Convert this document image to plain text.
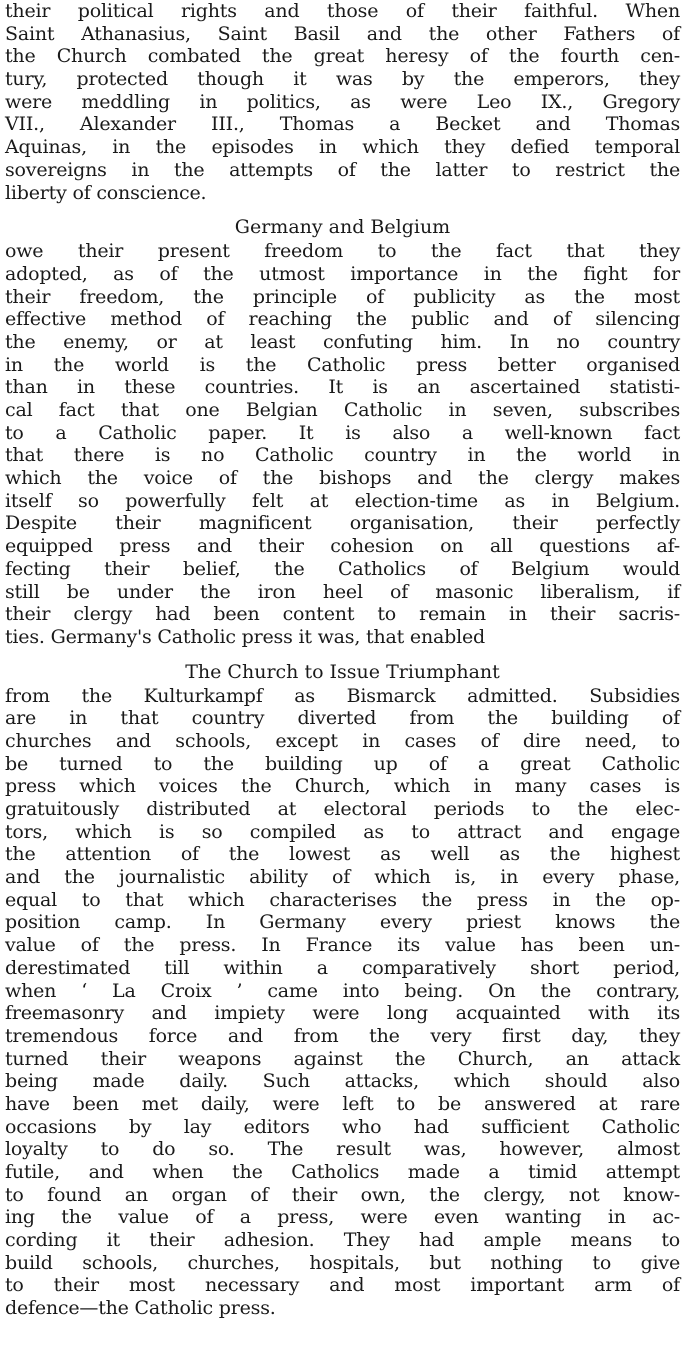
their political rights and those of their faithful. When
Saint Athanasius, Saint Basil and the other Fathers of
the Church combated the great heresy of the fourth cen-
tury, protected though it was by the emperors, they
were meddling in politics, as were Leo IX., Gregory
VII., Alexander III., Thomas a Becket and Thomas
Aquinas, in the episodes in which they defied temporal
sovereigns in the attempts of the latter to restrict the
liberty of conscience.
Germany and Belgium
owe their present freedom to the fact that they
adopted, as of the utmost importance in the fight for
their freedom, the principle of publicity as the most
effective method of reaching the public and of silencing
the enemy, or at least confuting him. In no country
in the world is the Catholic press better organised
than in these countries. It is an ascertained statisti-
cal fact that one Belgian Catholic in seven, subscribes
to a Catholic paper. It is also a well-known fact
that there is no Catholic country in the world in
which the voice of the bishops and the clergy makes
itself so powerfully felt at election-time as in Belgium.
Despite their magnificent organisation, their perfectly
equipped press and their cohesion on all questions af-
fecting their belief, the Catholics of Belgium would
still be under the iron heel of masonic liberalism, if
their clergy had been content to remain in their sacris-
ties. Germany's Catholic press it was, that enabled
The Church to Issue Triumphant
from the Kulturkampf as Bismarck admitted. Subsidies
are in that country diverted from the building of
churches and schools, except in cases of dire need, to
be turned to the building up of a great Catholic
press which voices the Church, which in many cases is
gratuitously distributed at electoral periods to the elec-
tors, which is so compiled as to attract and engage
the attention of the lowest as well as the highest
and the journalistic ability of which is, in every phase,
equal to that which characterises the press in the op-
position camp. In Germany every priest knows the
value of the press. In France its value has been un-
derestimated till within a comparatively short period,
when ‘ La Croix ’ came into being. On the contrary,
freemasonry and impiety were long acquainted with its
tremendous force and from the very first day, they
turned their weapons against the Church, an attack
being made daily. Such attacks, which should also
have been met daily, were left to be answered at rare
occasions by lay editors who had sufficient Catholic
loyalty to do so. The result was, however, almost
futile, and when the Catholics made a timid attempt
to found an organ of their own, the clergy, not know-
ing the value of a press, were even wanting in ac-
cording it their adhesion. They had ample means to
build schools, churches, hospitals, but nothing to give
to their most necessary and most important arm of
defence—the Catholic press.
